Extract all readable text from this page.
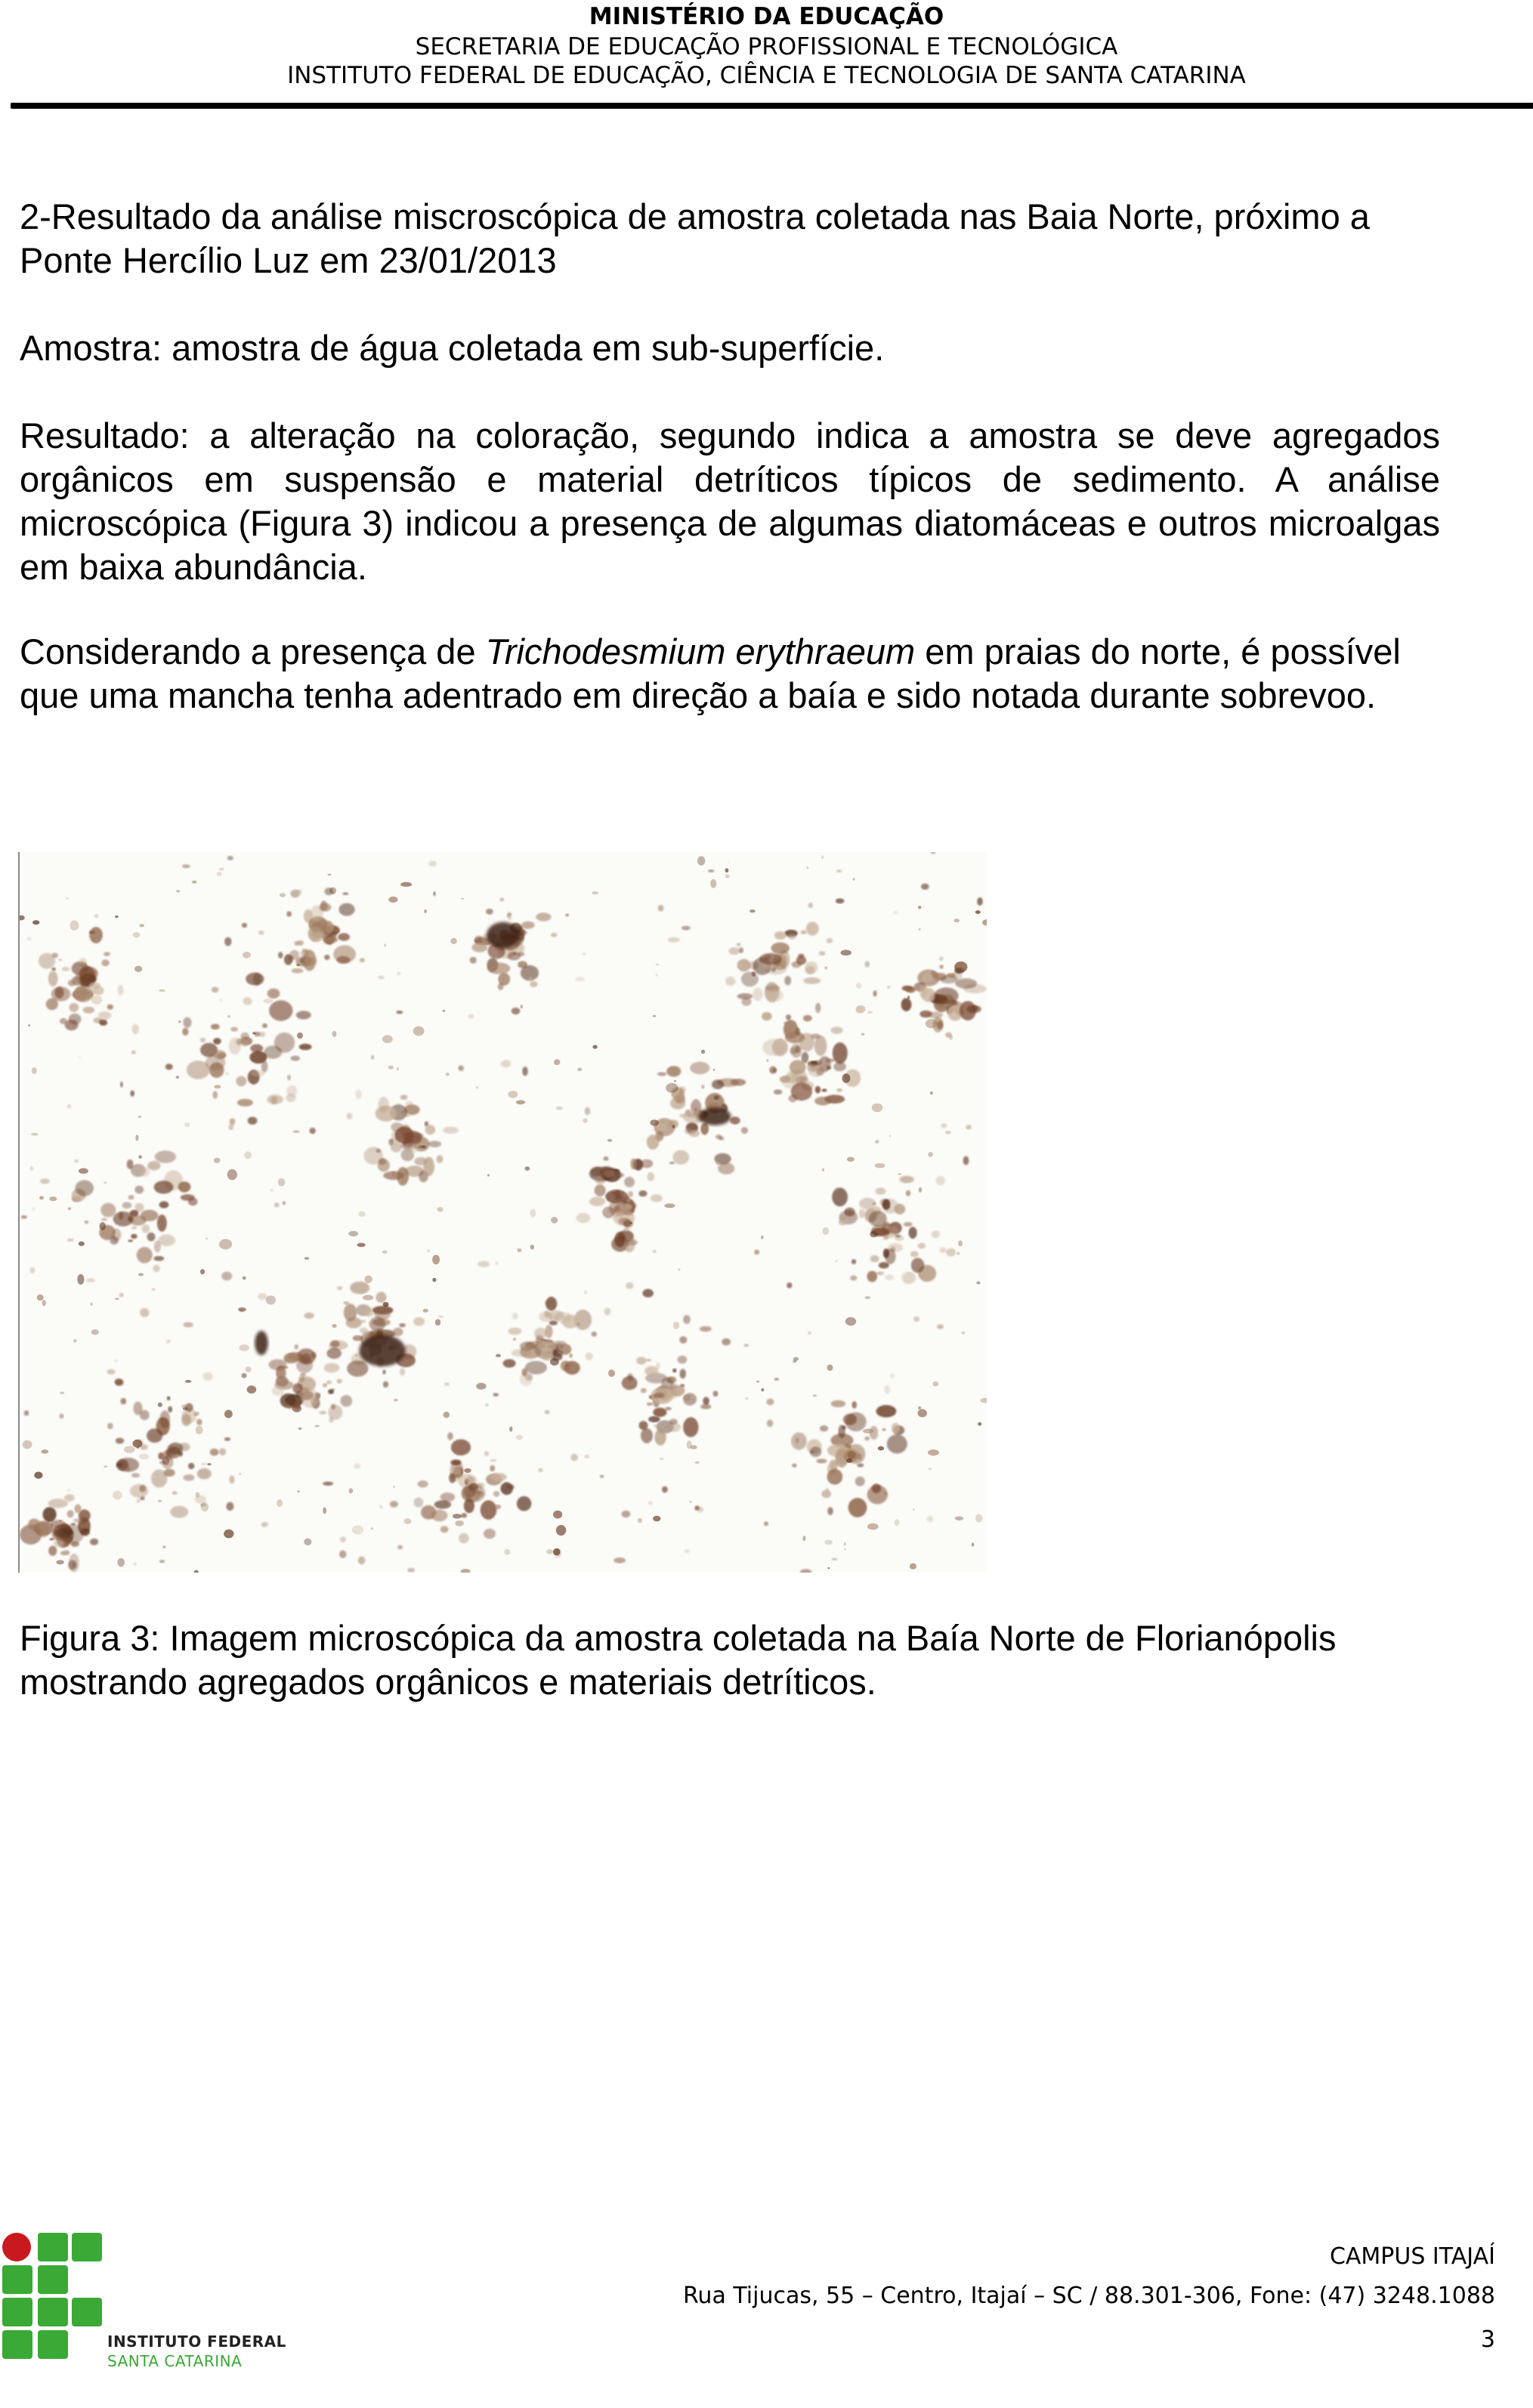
MINISTÉRIO DA EDUCAÇÃO
SECRETARIA DE EDUCAÇÃO PROFISSIONAL E TECNOLÓGICA
INSTITUTO FEDERAL DE EDUCAÇÃO, CIÊNCIA E TECNOLOGIA DE SANTA CATARINA
2-Resultado da análise miscroscópica de amostra coletada nas Baia Norte, próximo a Ponte Hercílio Luz em 23/01/2013
Amostra: amostra de água coletada em sub-superfície.
Resultado: a alteração na coloração, segundo indica a amostra se deve agregados orgânicos em suspensão e material detríticos típicos de sedimento. A análise microscópica (Figura 3) indicou a presença de algumas diatomáceas e outros microalgas em baixa abundância.
Considerando a presença de Trichodesmium erythraeum em praias do norte, é possível que uma mancha tenha adentrado em direção a baía e sido notada durante sobrevoo.
Figura 3: Imagem microscópica da amostra coletada na Baía Norte de Florianópolis mostrando agregados orgânicos e materiais detríticos.
INSTITUTO FEDERAL
SANTA CATARINA
CAMPUS ITAJAÍ
Rua Tijucas, 55 – Centro, Itajaí – SC / 88.301-306, Fone: (47) 3248.1088
3
